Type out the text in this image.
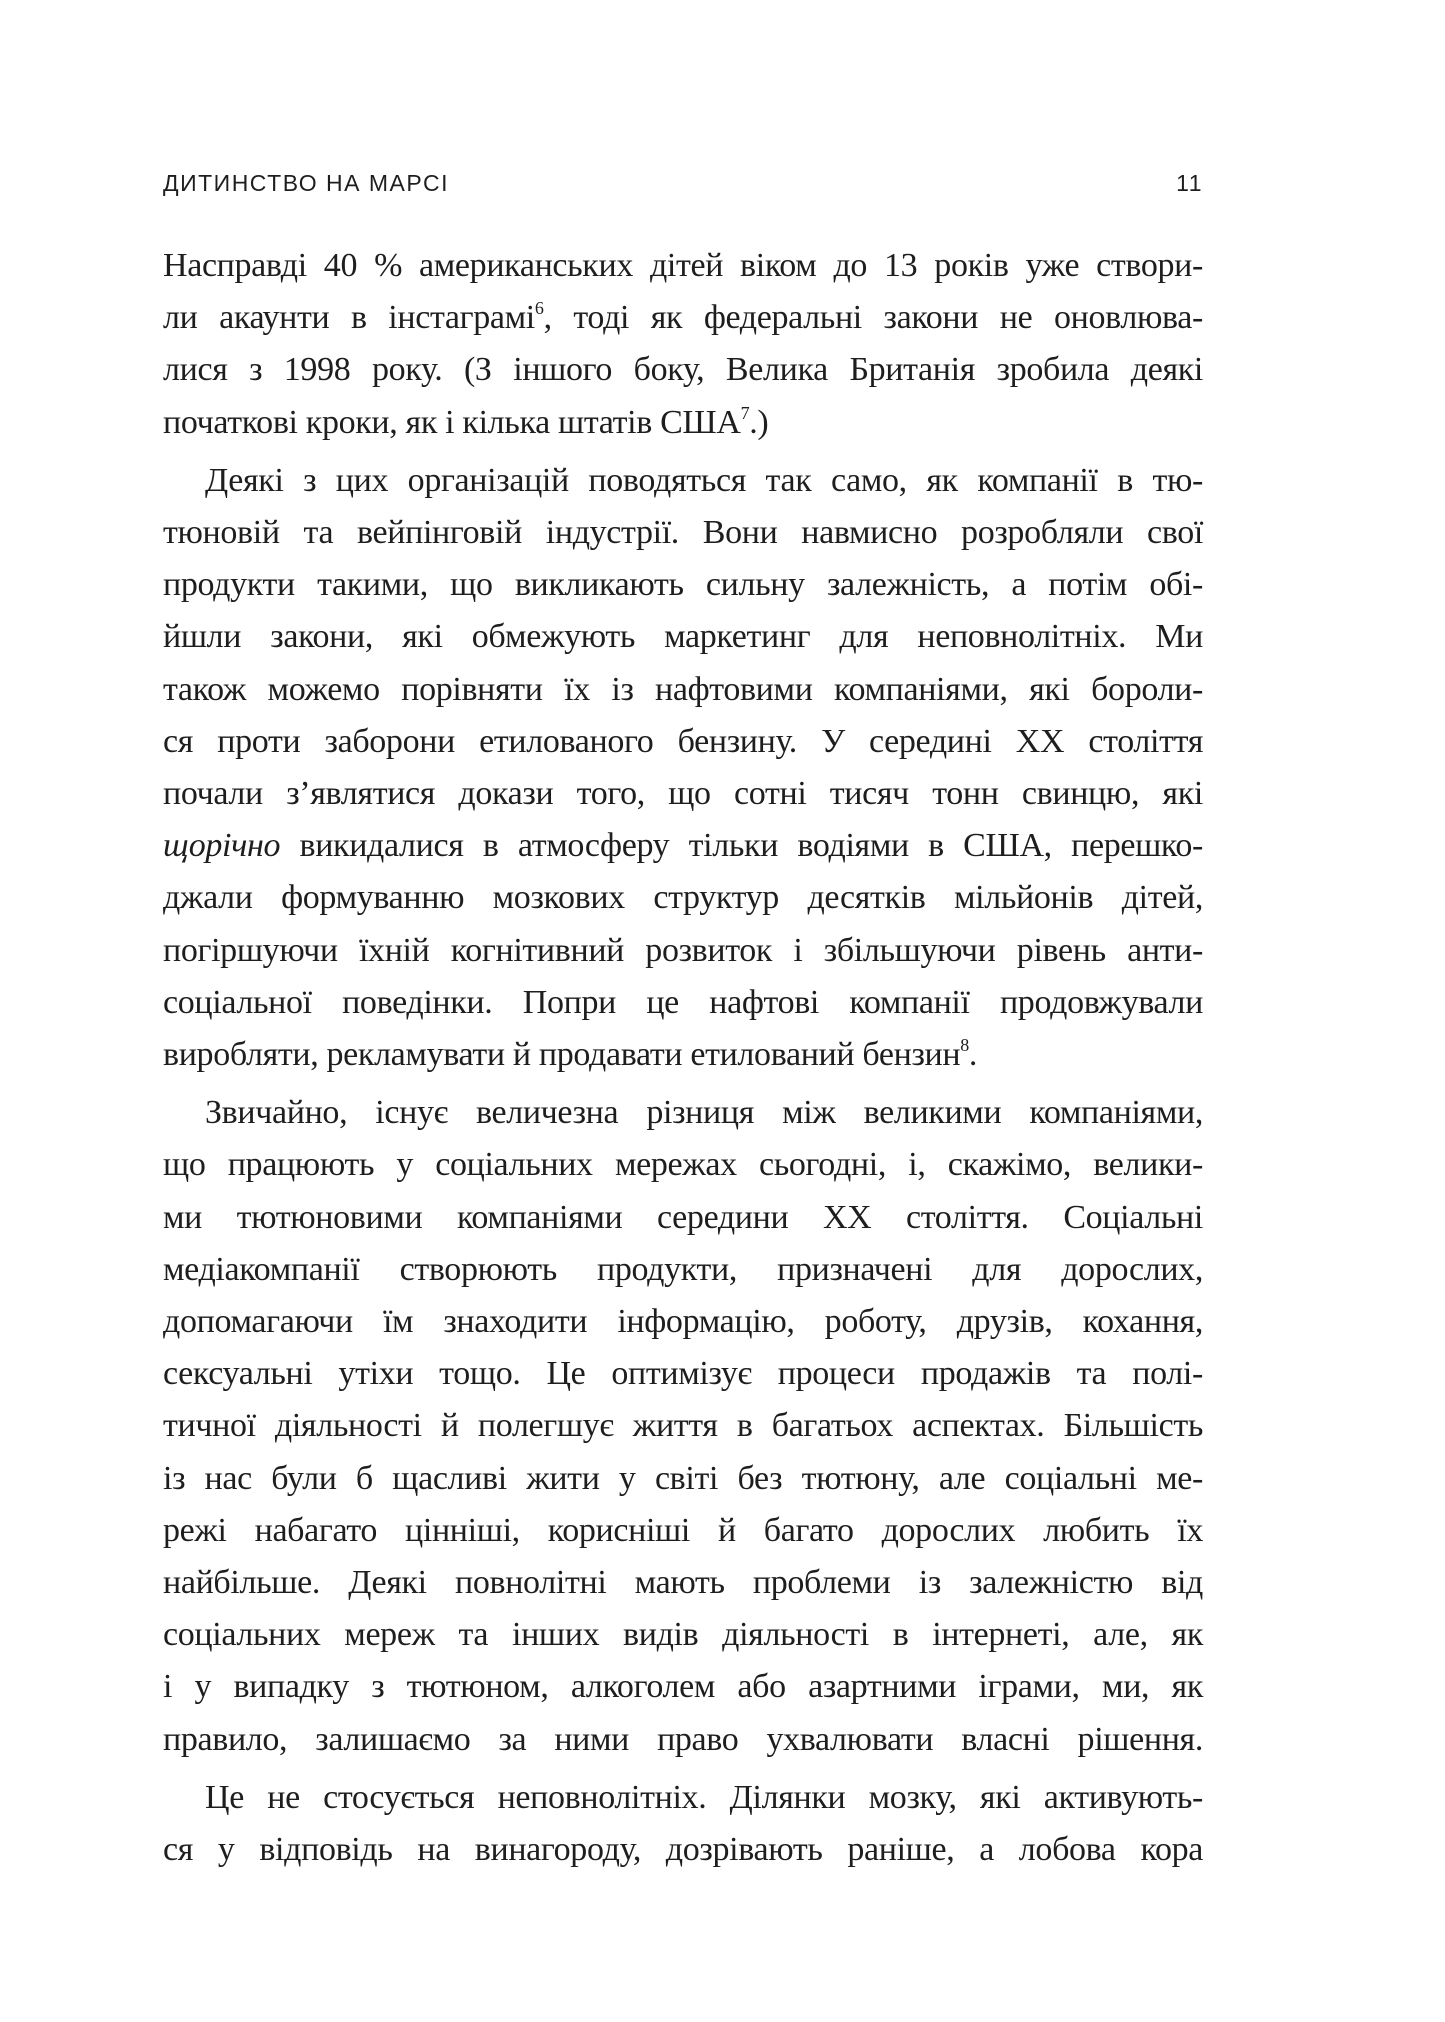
ДИТИНСТВО НА МАРСІ	11
Насправді 40 % американських дітей віком до 13 років уже створи-
ли акаунти в інстаграмі$^6$, тоді як федеральні закони не оновлюва-
лися з 1998 року. (З іншого боку, Велика Британія зробила деякі
початкові кроки, як і кілька штатів США$^7$.)
Деякі з цих організацій поводяться так само, як компанії в тю-
тюновій та вейпінговій індустрії. Вони навмисно розробляли свої
продукти такими, що викликають сильну залежність, а потім обі-
йшли закони, які обмежують маркетинг для неповнолітніх. Ми
також можемо порівняти їх із нафтовими компаніями, які бороли-
ся проти заборони етилованого бензину. У середині XX століття
почали з’являтися докази того, що сотні тисяч тонн свинцю, які
щорічно викидалися в атмосферу тільки водіями в США, перешко-
джали формуванню мозкових структур десятків мільйонів дітей,
погіршуючи їхній когнітивний розвиток і збільшуючи рівень анти-
соціальної поведінки. Попри це нафтові компанії продовжували
виробляти, рекламувати й продавати етилований бензин$^8$.
Звичайно, існує величезна різниця між великими компаніями,
що працюють у соціальних мережах сьогодні, і, скажімо, велики-
ми тютюновими компаніями середини XX століття. Соціальні
медіакомпанії створюють продукти, призначені для дорослих,
допомагаючи їм знаходити інформацію, роботу, друзів, кохання,
сексуальні утіхи тощо. Це оптимізує процеси продажів та полі-
тичної діяльності й полегшує життя в багатьох аспектах. Більшість
із нас були б щасливі жити у світі без тютюну, але соціальні ме-
режі набагато цінніші, корисніші й багато дорослих любить їх
найбільше. Деякі повнолітні мають проблеми із залежністю від
соціальних мереж та інших видів діяльності в інтернеті, але, як
і у випадку з тютюном, алкоголем або азартними іграми, ми, як
правило, залишаємо за ними право ухвалювати власні рішення.
Це не стосується неповнолітніх. Ділянки мозку, які активують-
ся у відповідь на винагороду, дозрівають раніше, а лобова кора
